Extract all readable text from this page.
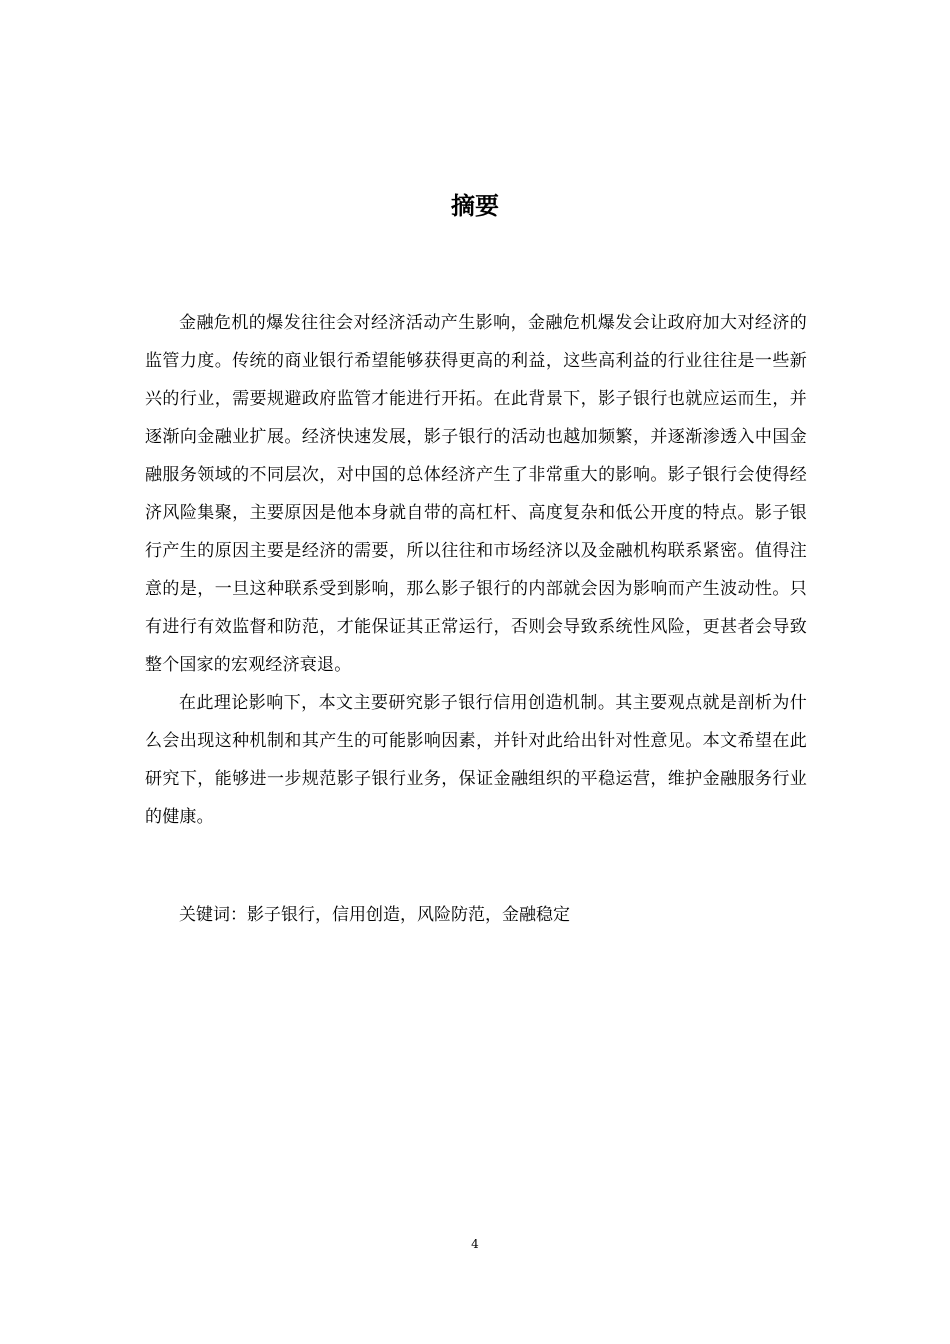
摘要

金融危机的爆发往往会对经济活动产生影响，金融危机爆发会让政府加大对经济的监管力度。传统的商业银行希望能够获得更高的利益，这些高利益的行业往往是一些新兴的行业，需要规避政府监管才能进行开拓。在此背景下，影子银行也就应运而生，并逐渐向金融业扩展。经济快速发展，影子银行的活动也越加频繁，并逐渐渗透入中国金融服务领域的不同层次，对中国的总体经济产生了非常重大的影响。影子银行会使得经济风险集聚，主要原因是他本身就自带的高杠杆、高度复杂和低公开度的特点。影子银行产生的原因主要是经济的需要，所以往往和市场经济以及金融机构联系紧密。值得注意的是，一旦这种联系受到影响，那么影子银行的内部就会因为影响而产生波动性。只有进行有效监督和防范，才能保证其正常运行，否则会导致系统性风险，更甚者会导致整个国家的宏观经济衰退。

在此理论影响下，本文主要研究影子银行信用创造机制。其主要观点就是剖析为什么会出现这种机制和其产生的可能影响因素，并针对此给出针对性意见。本文希望在此研究下，能够进一步规范影子银行业务，保证金融组织的平稳运营，维护金融服务行业的健康。

关键词：影子银行，信用创造，风险防范，金融稳定

4
